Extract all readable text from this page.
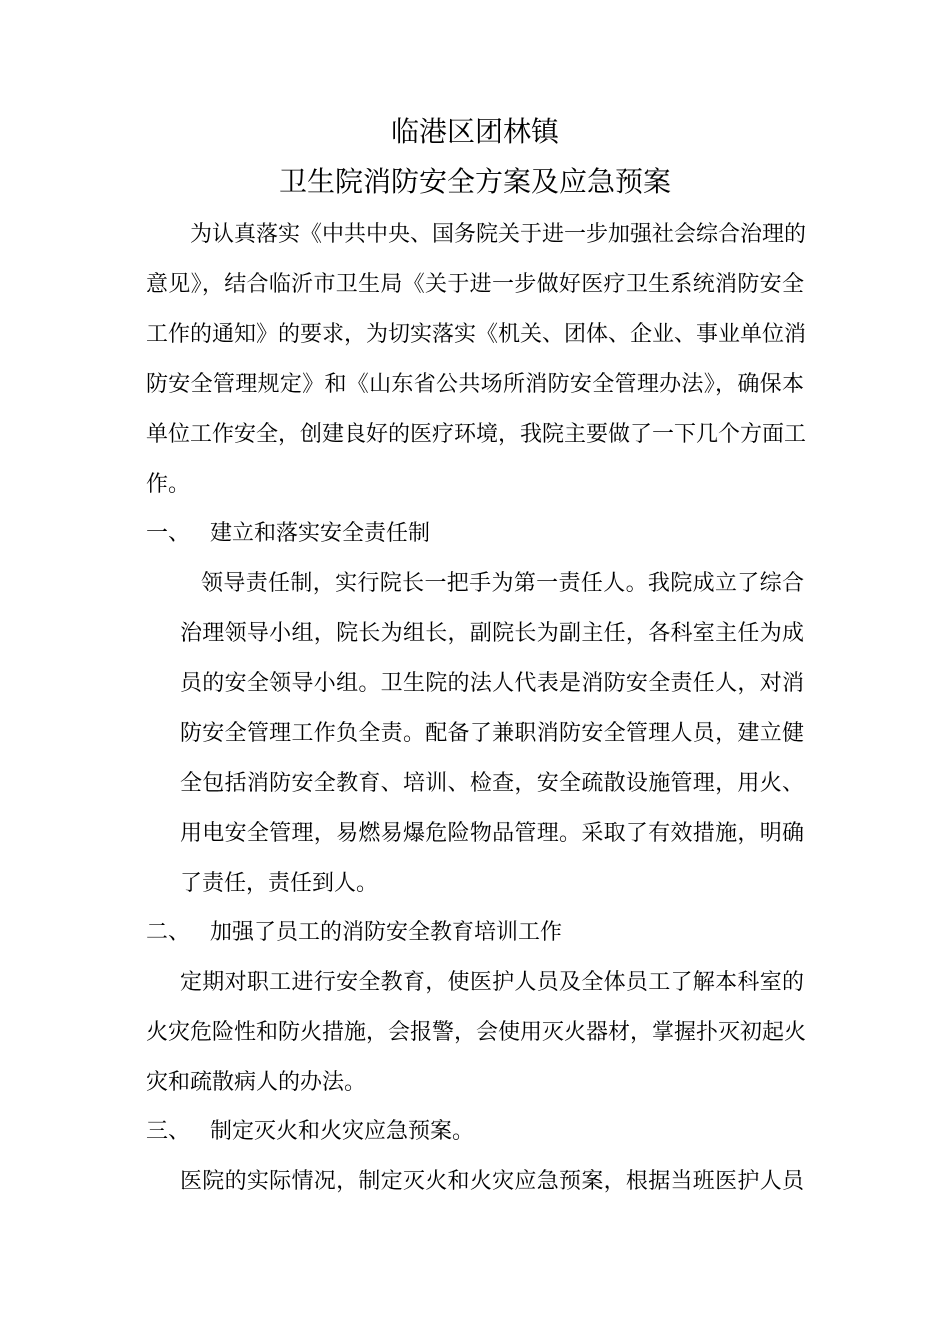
临港区团林镇
卫生院消防安全方案及应急预案
为认真落实《中共中央、国务院关于进一步加强社会综合治理的
意见》，结合临沂市卫生局《关于进一步做好医疗卫生系统消防安全
工作的通知》的要求，为切实落实《机关、团体、企业、事业单位消
防安全管理规定》和《山东省公共场所消防安全管理办法》，确保本
单位工作安全，创建良好的医疗环境，我院主要做了一下几个方面工
作。
一、 建立和落实安全责任制
领导责任制，实行院长一把手为第一责任人。我院成立了综合
治理领导小组，院长为组长，副院长为副主任，各科室主任为成
员的安全领导小组。卫生院的法人代表是消防安全责任人，对消
防安全管理工作负全责。配备了兼职消防安全管理人员，建立健
全包括消防安全教育、培训、检查，安全疏散设施管理，用火、
用电安全管理，易燃易爆危险物品管理。采取了有效措施，明确
了责任，责任到人。
二、 加强了员工的消防安全教育培训工作
定期对职工进行安全教育，使医护人员及全体员工了解本科室的
火灾危险性和防火措施，会报警，会使用灭火器材，掌握扑灭初起火
灾和疏散病人的办法。
三、 制定灭火和火灾应急预案。
医院的实际情况，制定灭火和火灾应急预案，根据当班医护人员
